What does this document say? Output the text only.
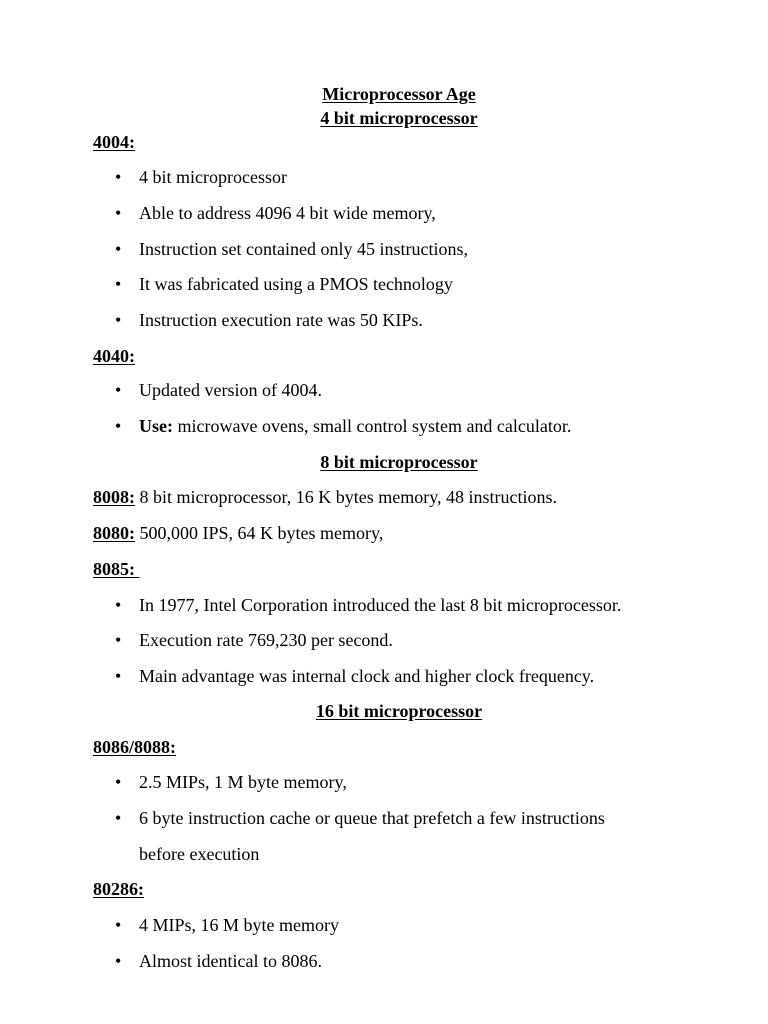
Microprocessor Age
4 bit microprocessor
4004:
• 4 bit microprocessor
• Able to address 4096 4 bit wide memory,
• Instruction set contained only 45 instructions,
• It was fabricated using a PMOS technology
• Instruction execution rate was 50 KIPs.
4040:
• Updated version of 4004.
• Use: microwave ovens, small control system and calculator.
8 bit microprocessor
8008: 8 bit microprocessor, 16 K bytes memory, 48 instructions.
8080: 500,000 IPS, 64 K bytes memory,
8085:
• In 1977, Intel Corporation introduced the last 8 bit microprocessor.
• Execution rate 769,230 per second.
• Main advantage was internal clock and higher clock frequency.
16 bit microprocessor
8086/8088:
• 2.5 MIPs, 1 M byte memory,
• 6 byte instruction cache or queue that prefetch a few instructions
before execution
80286:
• 4 MIPs, 16 M byte memory
• Almost identical to 8086.
